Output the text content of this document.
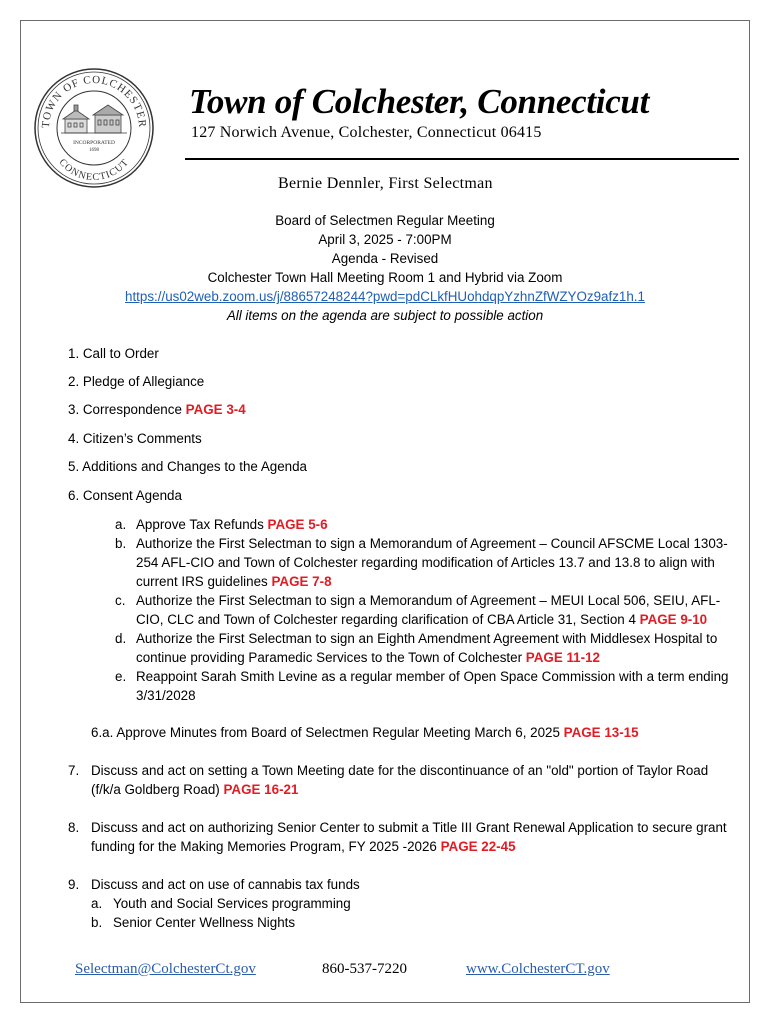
TOWN OF COLCHESTER
CONNECTICUT
INCORPORATED
1698
Town of Colchester, Connecticut
127 Norwich Avenue, Colchester, Connecticut 06415
Bernie Dennler, First Selectman
Board of Selectmen Regular Meeting
April 3, 2025 - 7:00PM
Agenda - Revised
Colchester Town Hall Meeting Room 1 and Hybrid via Zoom
https://us02web.zoom.us/j/88657248244?pwd=pdCLkfHUohdqpYzhnZfWZYOz9afz1h.1
All items on the agenda are subject to possible action
1. Call to Order
2. Pledge of Allegiance
3. Correspondence PAGE 3-4
4. Citizen’s Comments
5. Additions and Changes to the Agenda
6. Consent Agenda
a. Approve Tax Refunds PAGE 5-6
b. Authorize the First Selectman to sign a Memorandum of Agreement – Council AFSCME Local 1303-
254 AFL-CIO and Town of Colchester regarding modification of Articles 13.7 and 13.8 to align with
current IRS guidelines PAGE 7-8
c. Authorize the First Selectman to sign a Memorandum of Agreement – MEUI Local 506, SEIU, AFL-
CIO, CLC and Town of Colchester regarding clarification of CBA Article 31, Section 4 PAGE 9-10
d. Authorize the First Selectman to sign an Eighth Amendment Agreement with Middlesex Hospital to
continue providing Paramedic Services to the Town of Colchester PAGE 11-12
e. Reappoint Sarah Smith Levine as a regular member of Open Space Commission with a term ending
3/31/2028
6.a. Approve Minutes from Board of Selectmen Regular Meeting March 6, 2025 PAGE 13-15
7. Discuss and act on setting a Town Meeting date for the discontinuance of an "old" portion of Taylor Road
(f/k/a Goldberg Road) PAGE 16-21
8. Discuss and act on authorizing Senior Center to submit a Title III Grant Renewal Application to secure grant
funding for the Making Memories Program, FY 2025 -2026 PAGE 22-45
9. Discuss and act on use of cannabis tax funds
a. Youth and Social Services programming
b. Senior Center Wellness Nights
Selectman@ColchesterCt.gov	860-537-7220	www.ColchesterCT.gov
